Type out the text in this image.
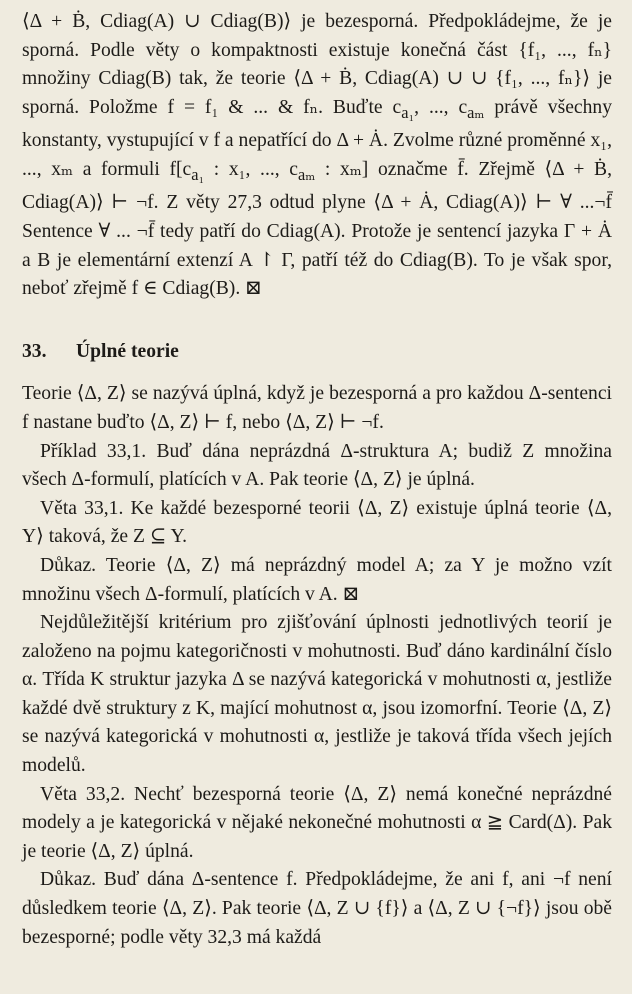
⟨Δ + Ḃ, Cdiag(A) ∪ Cdiag(B)⟩ je bezesporná. Předpokládejme, že je sporná. Podle věty o kompaktnosti existuje konečná část {f₁, ..., fₙ} množiny Cdiag(B) tak, že teorie ⟨Δ + Ḃ, Cdiag(A) ∪ ∪ {f₁, ..., fₙ}⟩ je sporná. Položme f = f₁ & ... & fₙ. Buďte $c_{a_1}$, ..., $c_{a_m}$ právě všechny konstanty, vystupující v f a nepatřící do Δ + Ȧ. Zvolme různé proměnné x₁, ..., xₘ a formuli $f[c_{a_1}$ : x₁, ..., $c_{a_m}$ : xₘ] označme f̄. Zřejmě ⟨Δ + Ḃ, Cdiag(A)⟩ ⊢ ¬f. Z věty 27,3 odtud plyne ⟨Δ + Ȧ, Cdiag(A)⟩ ⊢ ∀ ...¬f̄ Sentence ∀ ... ¬f̄ tedy patří do Cdiag(A). Protože je sentencí jazyka Γ + Ȧ a B je elementární extenzí A ↾ Γ, patří též do Cdiag(B). To je však spor, neboť zřejmě f ∈ Cdiag(B). ⊠

33. Úplné teorie

Teorie ⟨Δ, Z⟩ se nazývá úplná, když je bezesporná a pro každou Δ-sentenci f nastane buďto ⟨Δ, Z⟩ ⊢ f, nebo ⟨Δ, Z⟩ ⊢ ¬f.

Příklad 33,1. Buď dána neprázdná Δ-struktura A; budiž Z množina všech Δ-formulí, platících v A. Pak teorie ⟨Δ, Z⟩ je úplná.

Věta 33,1. Ke každé bezesporné teorii ⟨Δ, Z⟩ existuje úplná teorie ⟨Δ, Y⟩ taková, že Z ⊆ Y.

Důkaz. Teorie ⟨Δ, Z⟩ má neprázdný model A; za Y je možno vzít množinu všech Δ-formulí, platících v A. ⊠

Nejdůležitější kritérium pro zjišťování úplnosti jednotlivých teorií je založeno na pojmu kategoričnosti v mohutnosti. Buď dáno kardinální číslo α. Třída K struktur jazyka Δ se nazývá kategorická v mohutnosti α, jestliže každé dvě struktury z K, mající mohutnost α, jsou izomorfní. Teorie ⟨Δ, Z⟩ se nazývá kategorická v mohutnosti α, jestliže je taková třída všech jejích modelů.

Věta 33,2. Nechť bezesporná teorie ⟨Δ, Z⟩ nemá konečné neprázdné modely a je kategorická v nějaké nekonečné mohutnosti α ≧ Card(Δ). Pak je teorie ⟨Δ, Z⟩ úplná.

Důkaz. Buď dána Δ-sentence f. Předpokládejme, že ani f, ani ¬f není důsledkem teorie ⟨Δ, Z⟩. Pak teorie ⟨Δ, Z ∪ {f}⟩ a ⟨Δ, Z ∪ {¬f}⟩ jsou obě bezesporné; podle věty 32,3 má každá
